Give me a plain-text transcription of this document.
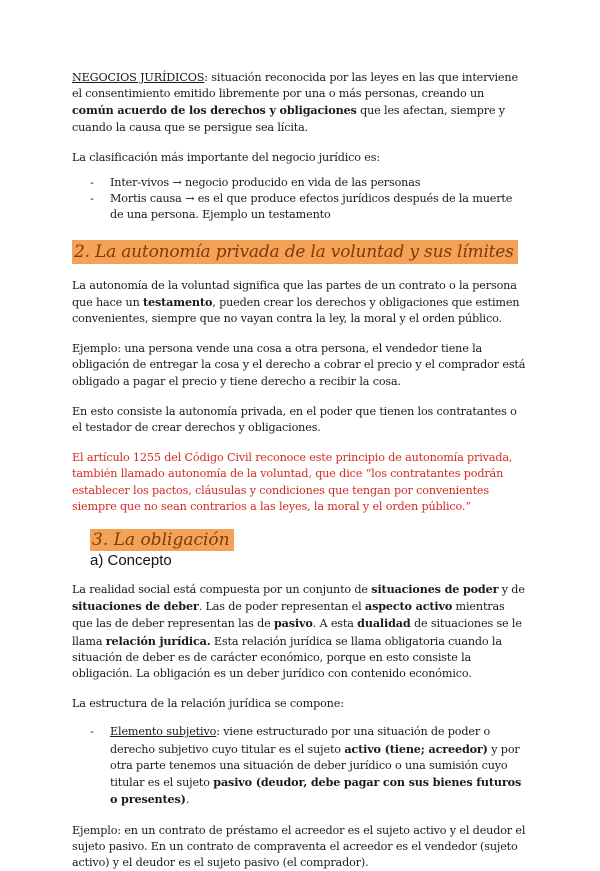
NEGOCIOS JURÍDICOS: situación reconocida por las leyes en las que interviene el consentimiento emitido libremente por una o más personas, creando un común acuerdo de los derechos y obligaciones que les afectan, siempre y cuando la causa que se persigue sea lícita.

La clasificación más importante del negocio jurídico es:

- Inter-vivos → negocio producido en vida de las personas
- Mortis causa → es el que produce efectos jurídicos después de la muerte de una persona. Ejemplo un testamento
2. La autonomía privada de la voluntad y sus límites

La autonomía de la voluntad significa que las partes de un contrato o la persona que hace un testamento, pueden crear los derechos y obligaciones que estimen convenientes, siempre que no vayan contra la ley, la moral y el orden público.

Ejemplo: una persona vende una cosa a otra persona, el vendedor tiene la obligación de entregar la cosa y el derecho a cobrar el precio y el comprador está obligado a pagar el precio y tiene derecho a recibir la cosa.

En esto consiste la autonomía privada, en el poder que tienen los contratantes o el testador de crear derechos y obligaciones.

El artículo 1255 del Código Civil reconoce este principio de autonomía privada, también llamado autonomía de la voluntad, que dice “los contratantes podrán establecer los pactos, cláusulas y condiciones que tengan por convenientes siempre que no sean contrarios a las leyes, la moral y el orden público.”

3. La obligación
a) Concepto

La realidad social está compuesta por un conjunto de situaciones de poder y de situaciones de deber. Las de poder representan el aspecto activo mientras que las de deber representan las de pasivo. A esta dualidad de situaciones se le llama relación jurídica. Esta relación jurídica se llama obligatoria cuando la situación de deber es de carácter económico, porque en esto consiste la obligación. La obligación es un deber jurídico con contenido económico.

La estructura de la relación jurídica se compone:

- Elemento subjetivo: viene estructurado por una situación de poder o derecho subjetivo cuyo titular es el sujeto activo (tiene; acreedor) y por otra parte tenemos una situación de deber jurídico o una sumisión cuyo titular es el sujeto pasivo (deudor, debe pagar con sus bienes futuros o presentes).

Ejemplo: en un contrato de préstamo el acreedor es el sujeto activo y el deudor el sujeto pasivo. En un contrato de compraventa el acreedor es el vendedor (sujeto activo) y el deudor es el sujeto pasivo (el comprador).
